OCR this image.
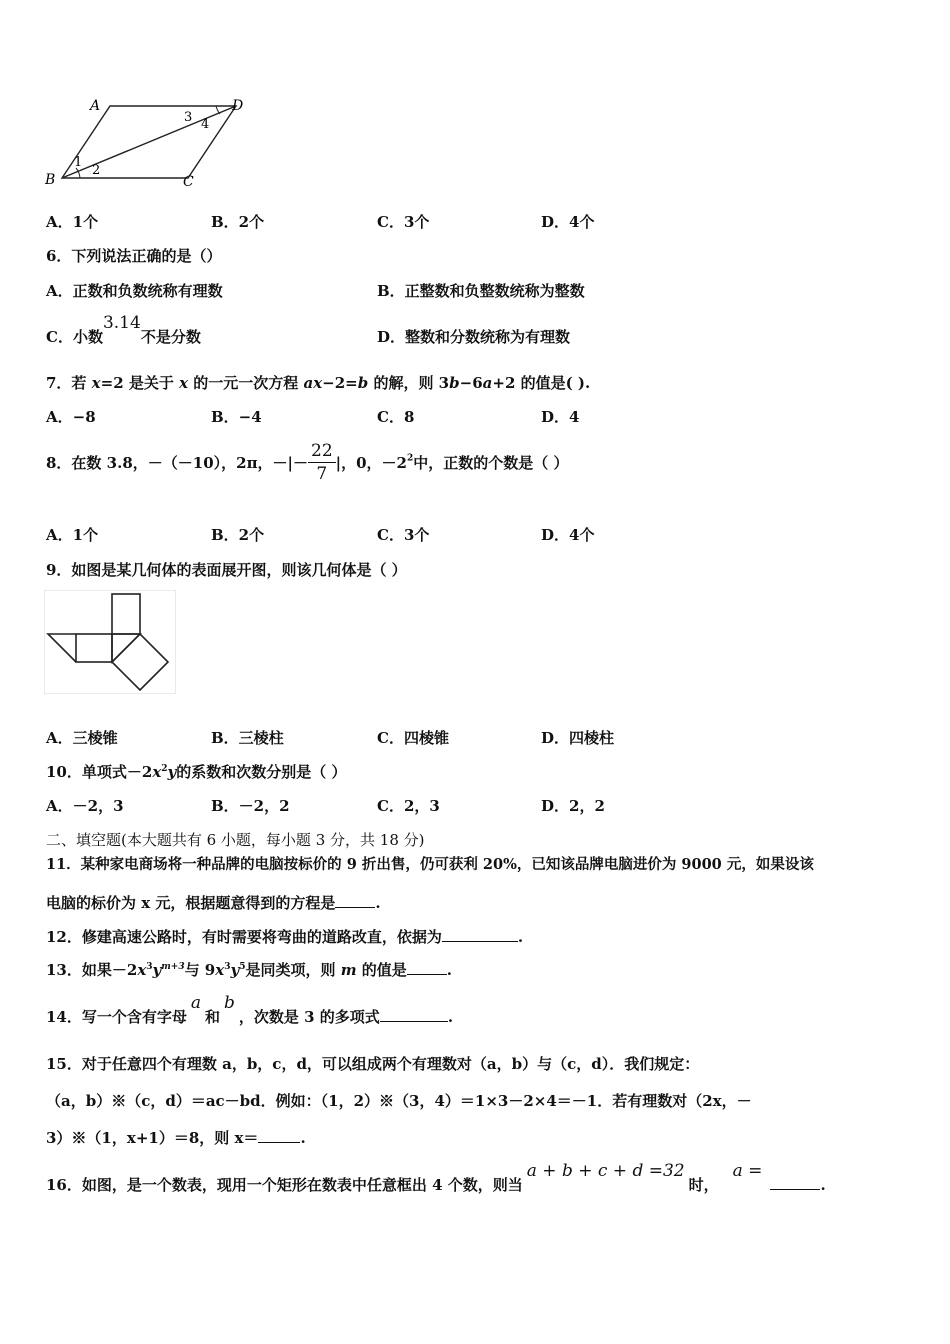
A	D
B	C
1
2
3 4
A．1个	B．2个	C．3个	D．4个
6．下列说法正确的是（）
A．正数和负数统称有理数	B．正整数和负整数统称为整数
C．小数3.14不是分数	D．整数和分数统称为有理数
7．若 x=2 是关于 x 的一元一次方程 ax−2=b 的解，则 3b−6a+2 的值是( ).
A．−8	B．−4	C．8	D．4
8．在数 3.8，－（－10），2π，－|－ $\frac{22}{7}$ |，0，$-2^2$中，正数的个数是（ ）
A．1个	B．2个	C．3个	D．4个
9．如图是某几何体的表面展开图，则该几何体是（ ）
A．三棱锥	B．三棱柱	C．四棱锥	D．四棱柱
10．单项式$-2x^2y$的系数和次数分别是（ ）
A．－2，3	B．－2，2	C．2，3	D．2，2
二、填空题(本大题共有 6 小题，每小题 3 分，共 18 分)
11．某种家电商场将一种品牌的电脑按标价的 9 折出售，仍可获利 20%，已知该品牌电脑进价为 9000 元，如果设该
电脑的标价为 x 元，根据题意得到的方程是	.
12．修建高速公路时，有时需要将弯曲的道路改直，依据为	.
13．如果$-2x^3y^{m+3}$与 $9x^3y^5$是同类项，则 m 的值是	.
14．写一个含有字母a和b，次数是 3 的多项式	.
15．对于任意四个有理数 a，b，c，d，可以组成两个有理数对（a，b）与（c，d）．我们规定：
（a，b）※（c，d）＝ac－bd．例如：（1，2）※（3，4）＝1×3－2×4＝－1．若有理数对（2x，－
3）※（1，x+1）＝8，则 x＝	.
16．如图，是一个数表，现用一个矩形在数表中任意框出 4 个数，则当a + b + c + d =32时，a =.
